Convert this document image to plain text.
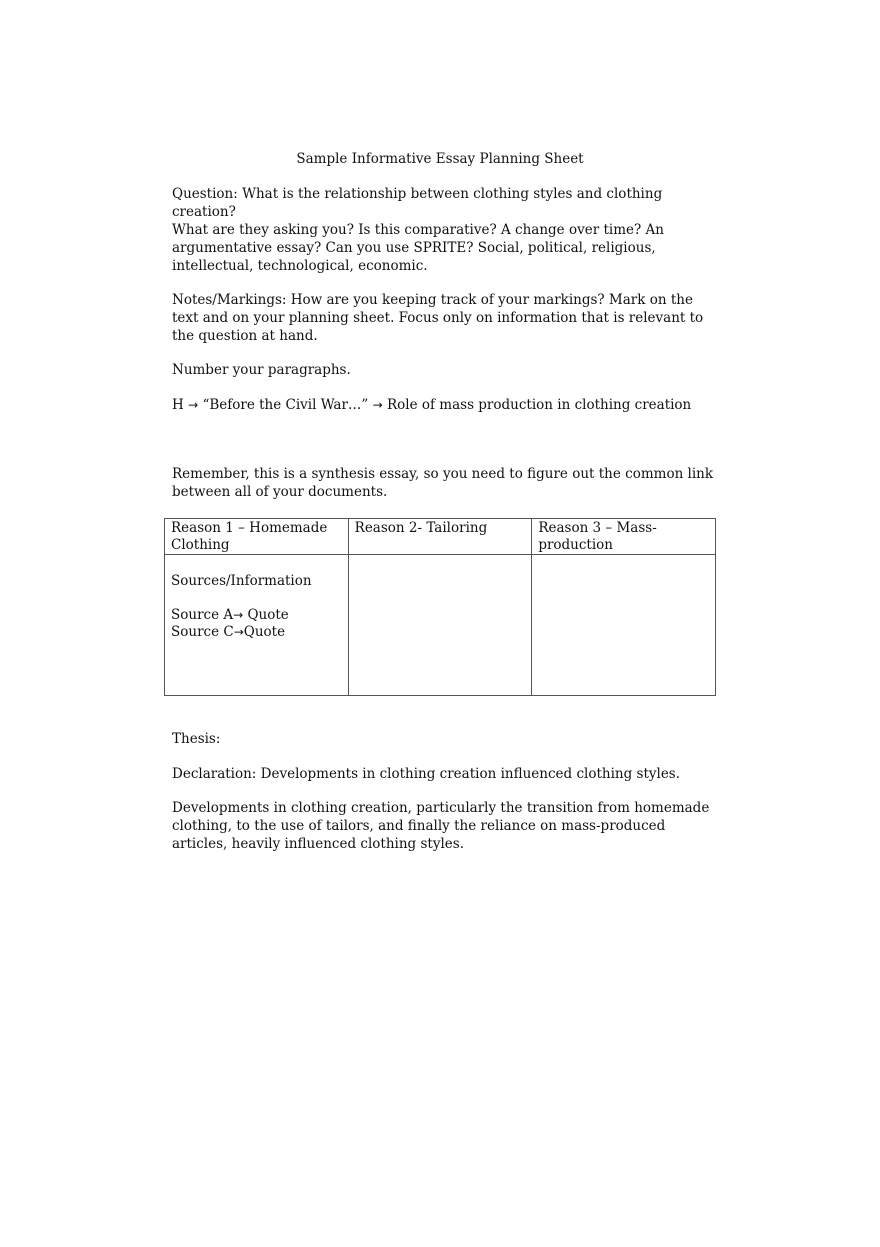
Sample Informative Essay Planning Sheet

Question: What is the relationship between clothing styles and clothing creation?

What are they asking you? Is this comparative? A change over time? An argumentative essay? Can you use SPRITE? Social, political, religious, intellectual, technological, economic.

Notes/Markings: How are you keeping track of your markings? Mark on the text and on your planning sheet. Focus only on information that is relevant to the question at hand.

Number your paragraphs.

H → “Before the Civil War…” → Role of mass production in clothing creation

Remember, this is a synthesis essay, so you need to figure out the common link between all of your documents.

Reason 1 – Homemade Clothing	Reason 2- Tailoring	Reason 3 – Mass-production

Sources/Information
Source A→ Quote
Source C→Quote		

Thesis:

Declaration: Developments in clothing creation influenced clothing styles.

Developments in clothing creation, particularly the transition from homemade clothing, to the use of tailors, and finally the reliance on mass-produced articles, heavily influenced clothing styles.
